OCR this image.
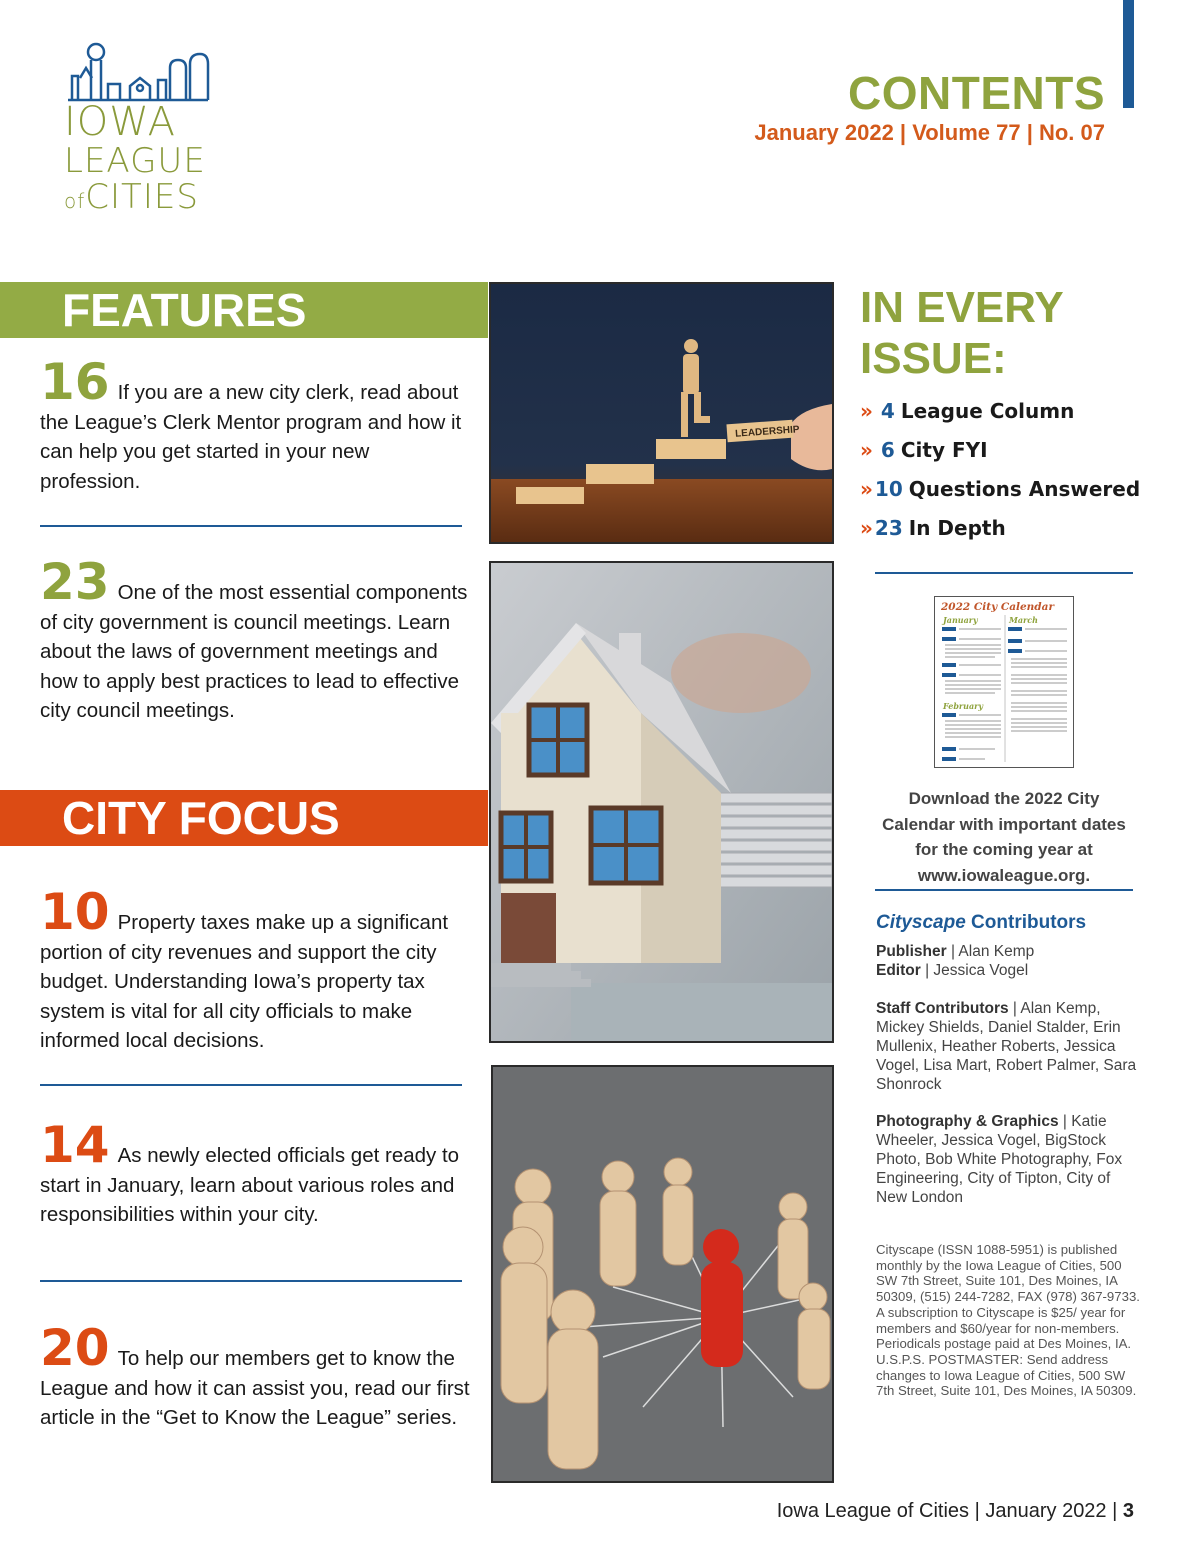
IOWA
LEAGUE
ofCITIES
CONTENTS
January 2022 | Volume 77 | No. 07
FEATURES
16 If you are a new city clerk, read about the League’s Clerk Mentor program and how it can help you get started in your new profession.
23 One of the most essential components of city government is council meetings. Learn about the laws of government meetings and how to apply best practices to lead to effective city council meetings.
CITY FOCUS
10 Property taxes make up a significant portion of city revenues and support the city budget. Understanding Iowa’s property tax system is vital for all city officials to make informed local decisions.
14 As newly elected officials get ready to start in January, learn about various roles and responsibilities within your city.
20 To help our members get to know the League and how it can assist you, read our first article in the “Get to Know the League” series.
LEADERSHIP
IN EVERY
ISSUE:
» 4 League Column
» 6 City FYI
» 10 Questions Answered
» 23 In Depth
2022 City Calendar
January	March
February
Download the 2022 City Calendar with important dates for the coming year at www.iowaleague.org.
Cityscape Contributors
Publisher | Alan Kemp
Editor | Jessica Vogel
Staff Contributors | Alan Kemp, Mickey Shields, Daniel Stalder, Erin Mullenix, Heather Roberts, Jessica Vogel, Lisa Mart, Robert Palmer, Sara Shonrock
Photography & Graphics | Katie Wheeler, Jessica Vogel, BigStock Photo, Bob White Photography, Fox Engineering, City of Tipton, City of New London
Cityscape (ISSN 1088-5951) is published monthly by the Iowa League of Cities, 500 SW 7th Street, Suite 101, Des Moines, IA 50309, (515) 244-7282, FAX (978) 367-9733. A subscription to Cityscape is $25/ year for members and $60/year for non-members. Periodicals postage paid at Des Moines, IA. U.S.P.S. POSTMASTER: Send address changes to Iowa League of Cities, 500 SW 7th Street, Suite 101, Des Moines, IA 50309.
Iowa League of Cities | January 2022 | 3
